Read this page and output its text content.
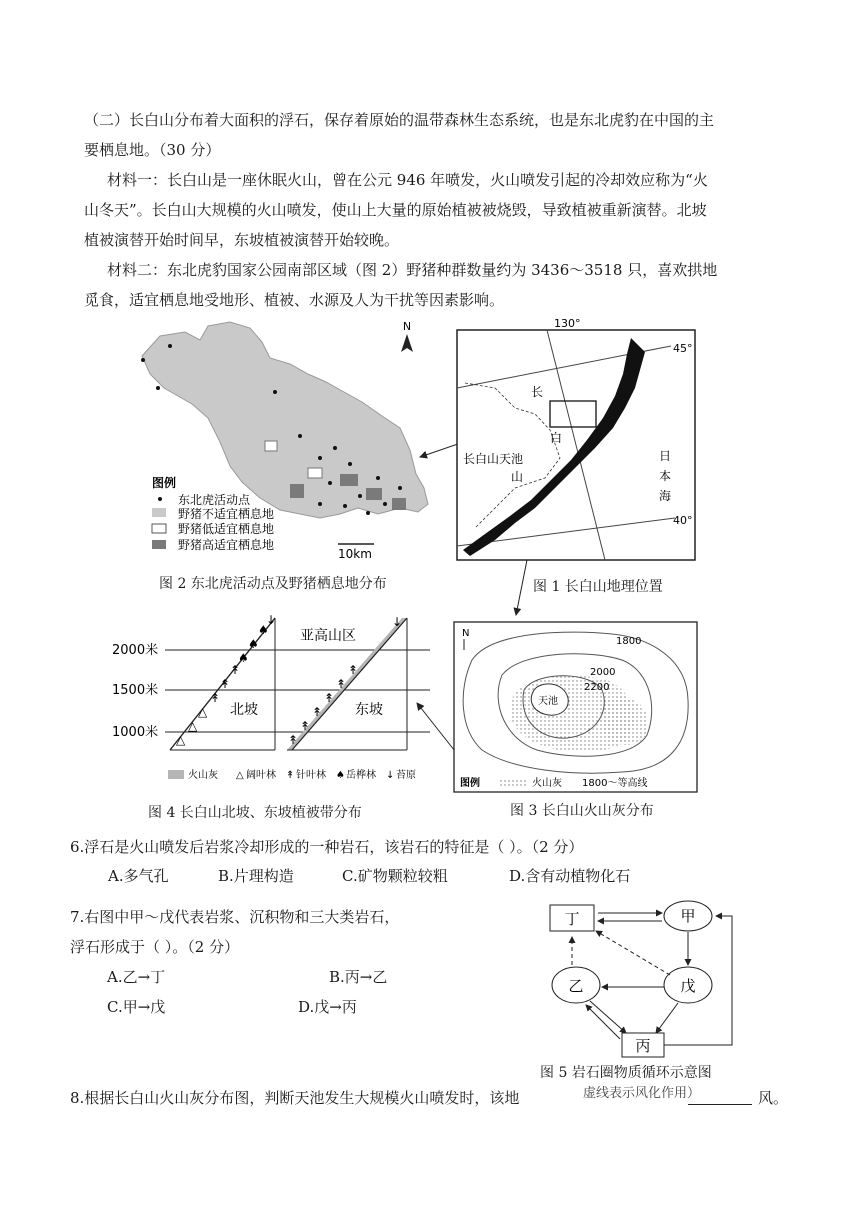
（二）长白山分布着大面积的浮石，保存着原始的温带森林生态系统，也是东北虎豹在中国的主
要栖息地。（30 分）
材料一：长白山是一座休眠火山，曾在公元 946 年喷发，火山喷发引起的冷却效应称为“火
山冬天”。长白山大规模的火山喷发，使山上大量的原始植被被烧毁，导致植被重新演替。北坡
植被演替开始时间早，东坡植被演替开始较晚。
材料二：东北虎豹国家公园南部区域（图 2）野猪种群数量约为 3436～3518 只，喜欢拱地
觅食，适宜栖息地受地形、植被、水源及人为干扰等因素影响。
N
图例
东北虎活动点
野猪不适宜栖息地
野猪低适宜栖息地
野猪高适宜栖息地
10km
图 2 东北虎活动点及野猪栖息地分布
130°
45°
40°
长
白
长白山天池
山
日
本
海
图 1 长白山地理位置
2000米
1500米
1000米
亚高山区
北坡	东坡
△
△
△
↟
↟
↟
♠
♠
♠
↓
↟
↟
↟
↟
↟
↟
↓
火山灰 △ 阔叶林 ↟ 针叶林 ♠ 岳桦林 ↓ 苔原
图 4 长白山北坡、东坡植被带分布
N
1800
2000
2200
天池
图例	火山灰 1800～等高线
图 3 长白山火山灰分布
6.浮石是火山喷发后岩浆冷却形成的一种岩石，该岩石的特征是（ ）。（2 分）
A.多气孔	B.片理构造	C.矿物颗粒较粗	D.含有动植物化石
7.右图中甲～戊代表岩浆、沉积物和三大类岩石，
浮石形成于（ ）。（2 分）
A.乙→丁	B.丙→乙
C.甲→戊	D.戊→丙
丁	甲
乙	戊
丙
图 5 岩石圈物质循环示意图
8.根据长白山火山灰分布图，判断天池发生大规模火山喷发时，该地	虚线表示风化作用）	风。
